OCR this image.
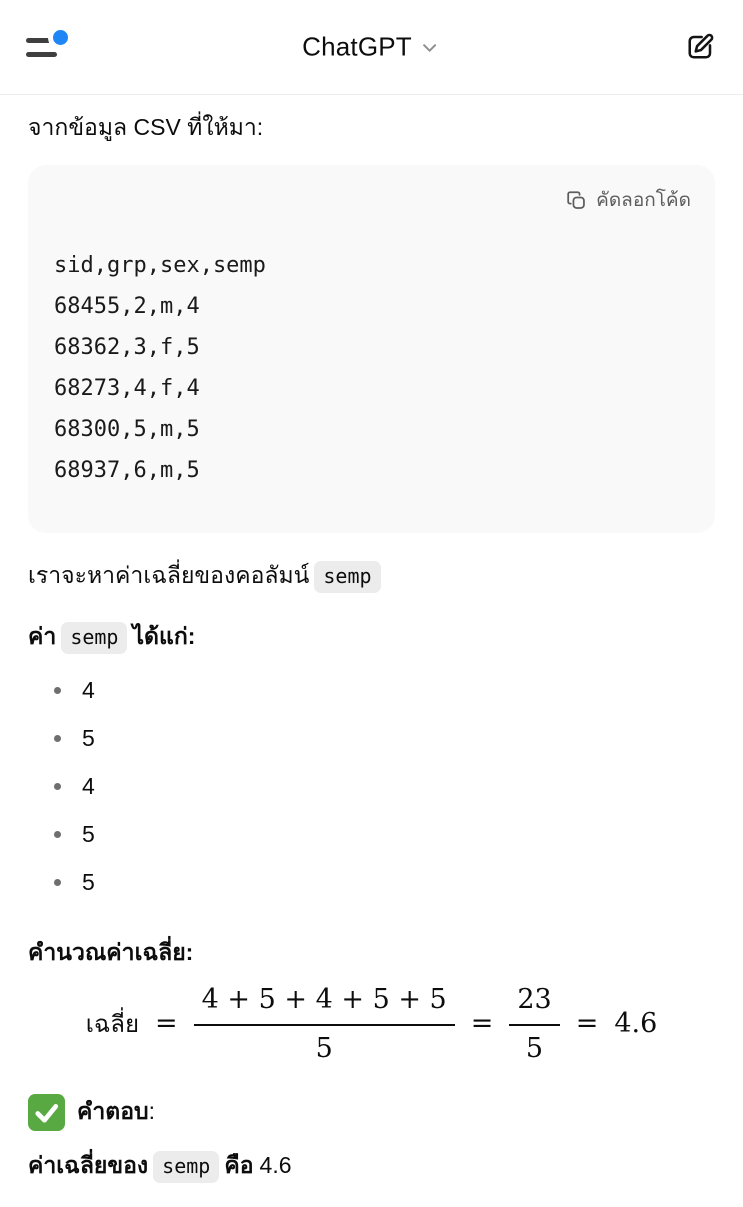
ChatGPT

จากข้อมูล CSV ที่ให้มา:

คัดลอกโค้ด
sid,grp,sex,semp
68455,2,m,4
68362,3,f,5
68273,4,f,4
68300,5,m,5
68937,6,m,5

เราจะหาค่าเฉลี่ยของคอลัมน์ semp

ค่า semp ได้แก่:

4
5
4
5
5

คำนวณค่าเฉลี่ย:

เฉลี่ย = $\frac{4 + 5 + 4 + 5 + 5}{5} = \frac{23}{5} = 4.6$
คำตอบ:

ค่าเฉลี่ยของ semp คือ 4.6
